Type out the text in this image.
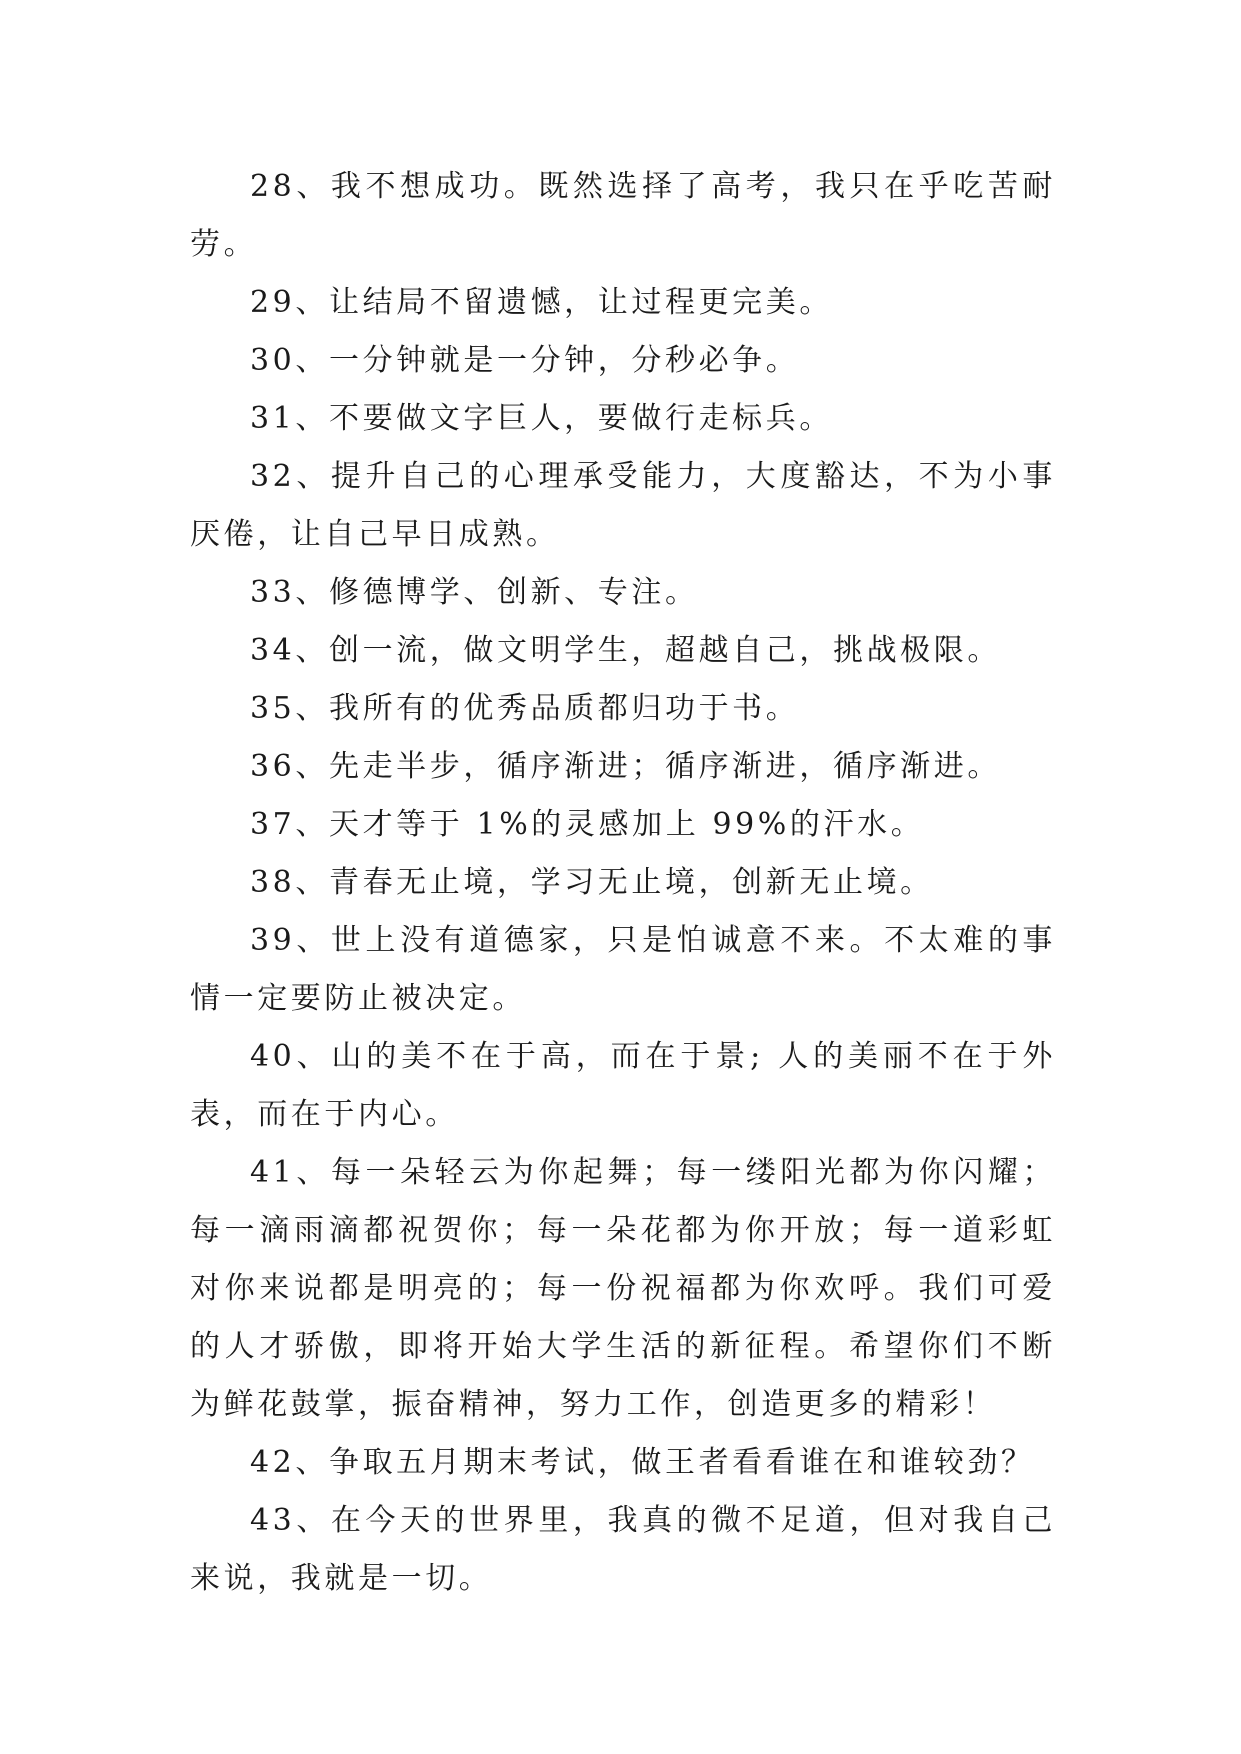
28、我不想成功。既然选择了高考，我只在乎吃苦耐劳。

29、让结局不留遗憾，让过程更完美。

30、一分钟就是一分钟，分秒必争。

31、不要做文字巨人，要做行走标兵。

32、提升自己的心理承受能力，大度豁达，不为小事厌倦，让自己早日成熟。

33、修德博学、创新、专注。

34、创一流，做文明学生，超越自己，挑战极限。

35、我所有的优秀品质都归功于书。

36、先走半步，循序渐进；循序渐进，循序渐进。

37、天才等于 1%的灵感加上 99%的汗水。

38、青春无止境，学习无止境，创新无止境。

39、世上没有道德家，只是怕诚意不来。不太难的事情一定要防止被决定。

40、山的美不在于高，而在于景; 人的美丽不在于外表，而在于内心。

41、每一朵轻云为你起舞；每一缕阳光都为你闪耀；每一滴雨滴都祝贺你；每一朵花都为你开放；每一道彩虹对你来说都是明亮的；每一份祝福都为你欢呼。我们可爱的人才骄傲，即将开始大学生活的新征程。希望你们不断为鲜花鼓掌，振奋精神，努力工作，创造更多的精彩！

42、争取五月期末考试，做王者看看谁在和谁较劲？

43、在今天的世界里，我真的微不足道，但对我自己来说，我就是一切。
